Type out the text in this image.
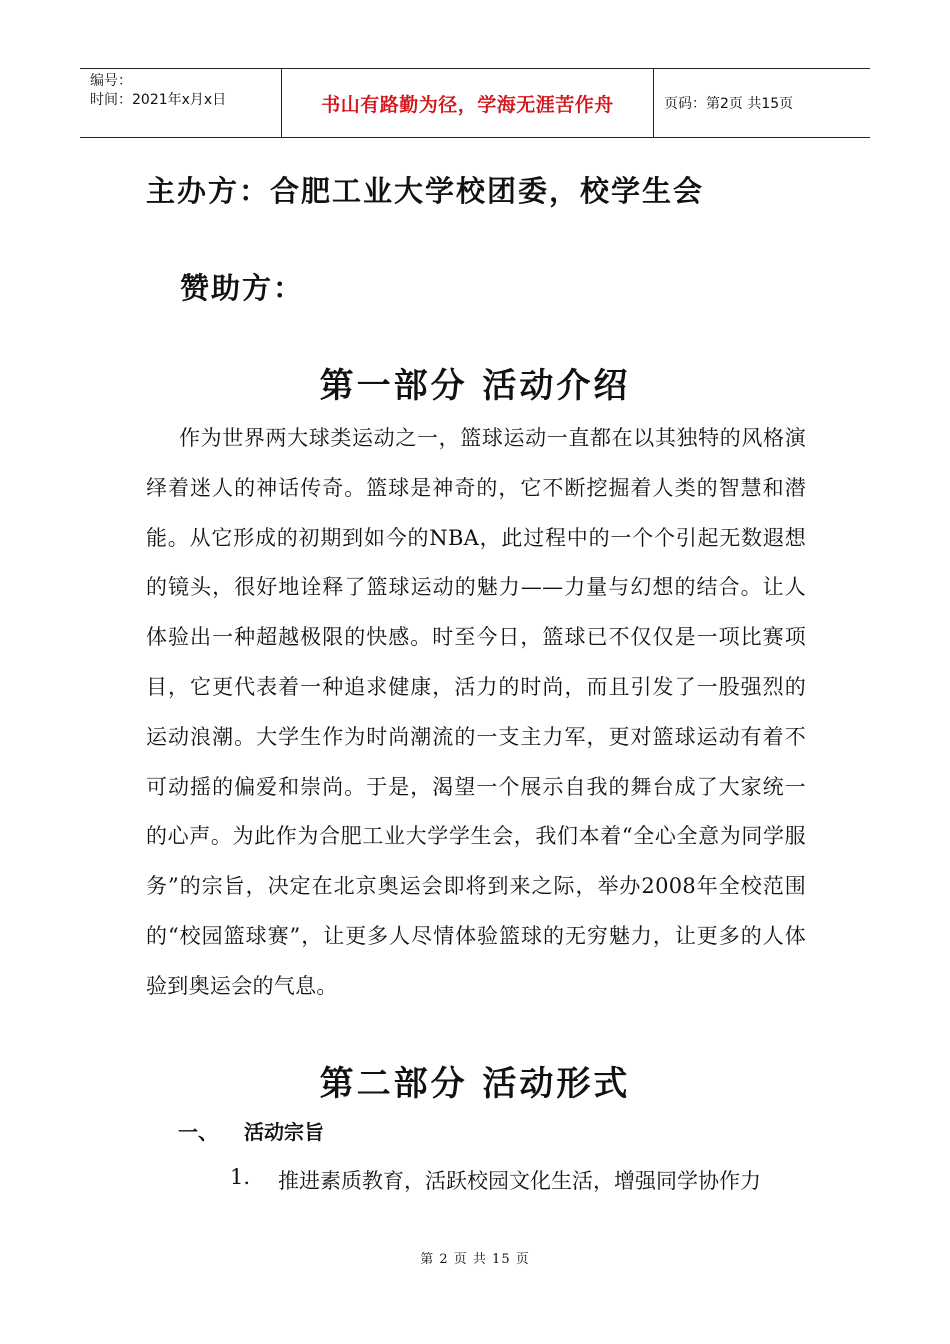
编号：
时间：2021年x月x日	书山有路勤为径，学海无涯苦作舟	页码：第2页 共15页
主办方：合肥工业大学校团委，校学生会
赞助方：
第一部分 活动介绍
作为世界两大球类运动之一，篮球运动一直都在以其独特的风格演绎着迷人的神话传奇。篮球是神奇的，它不断挖掘着人类的智慧和潜能。从它形成的初期到如今的NBA，此过程中的一个个引起无数遐想的镜头，很好地诠释了篮球运动的魅力——力量与幻想的结合。让人体验出一种超越极限的快感。时至今日，篮球已不仅仅是一项比赛项目，它更代表着一种追求健康，活力的时尚，而且引发了一股强烈的运动浪潮。大学生作为时尚潮流的一支主力军，更对篮球运动有着不可动摇的偏爱和崇尚。于是，渴望一个展示自我的舞台成了大家统一的心声。为此作为合肥工业大学学生会，我们本着“全心全意为同学服务”的宗旨，决定在北京奥运会即将到来之际，举办2008年全校范围的“校园篮球赛”，让更多人尽情体验篮球的无穷魅力，让更多的人体验到奥运会的气息。
第二部分 活动形式
一、	活动宗旨
1.	推进素质教育，活跃校园文化生活，增强同学协作力
第 2 页 共 15 页
